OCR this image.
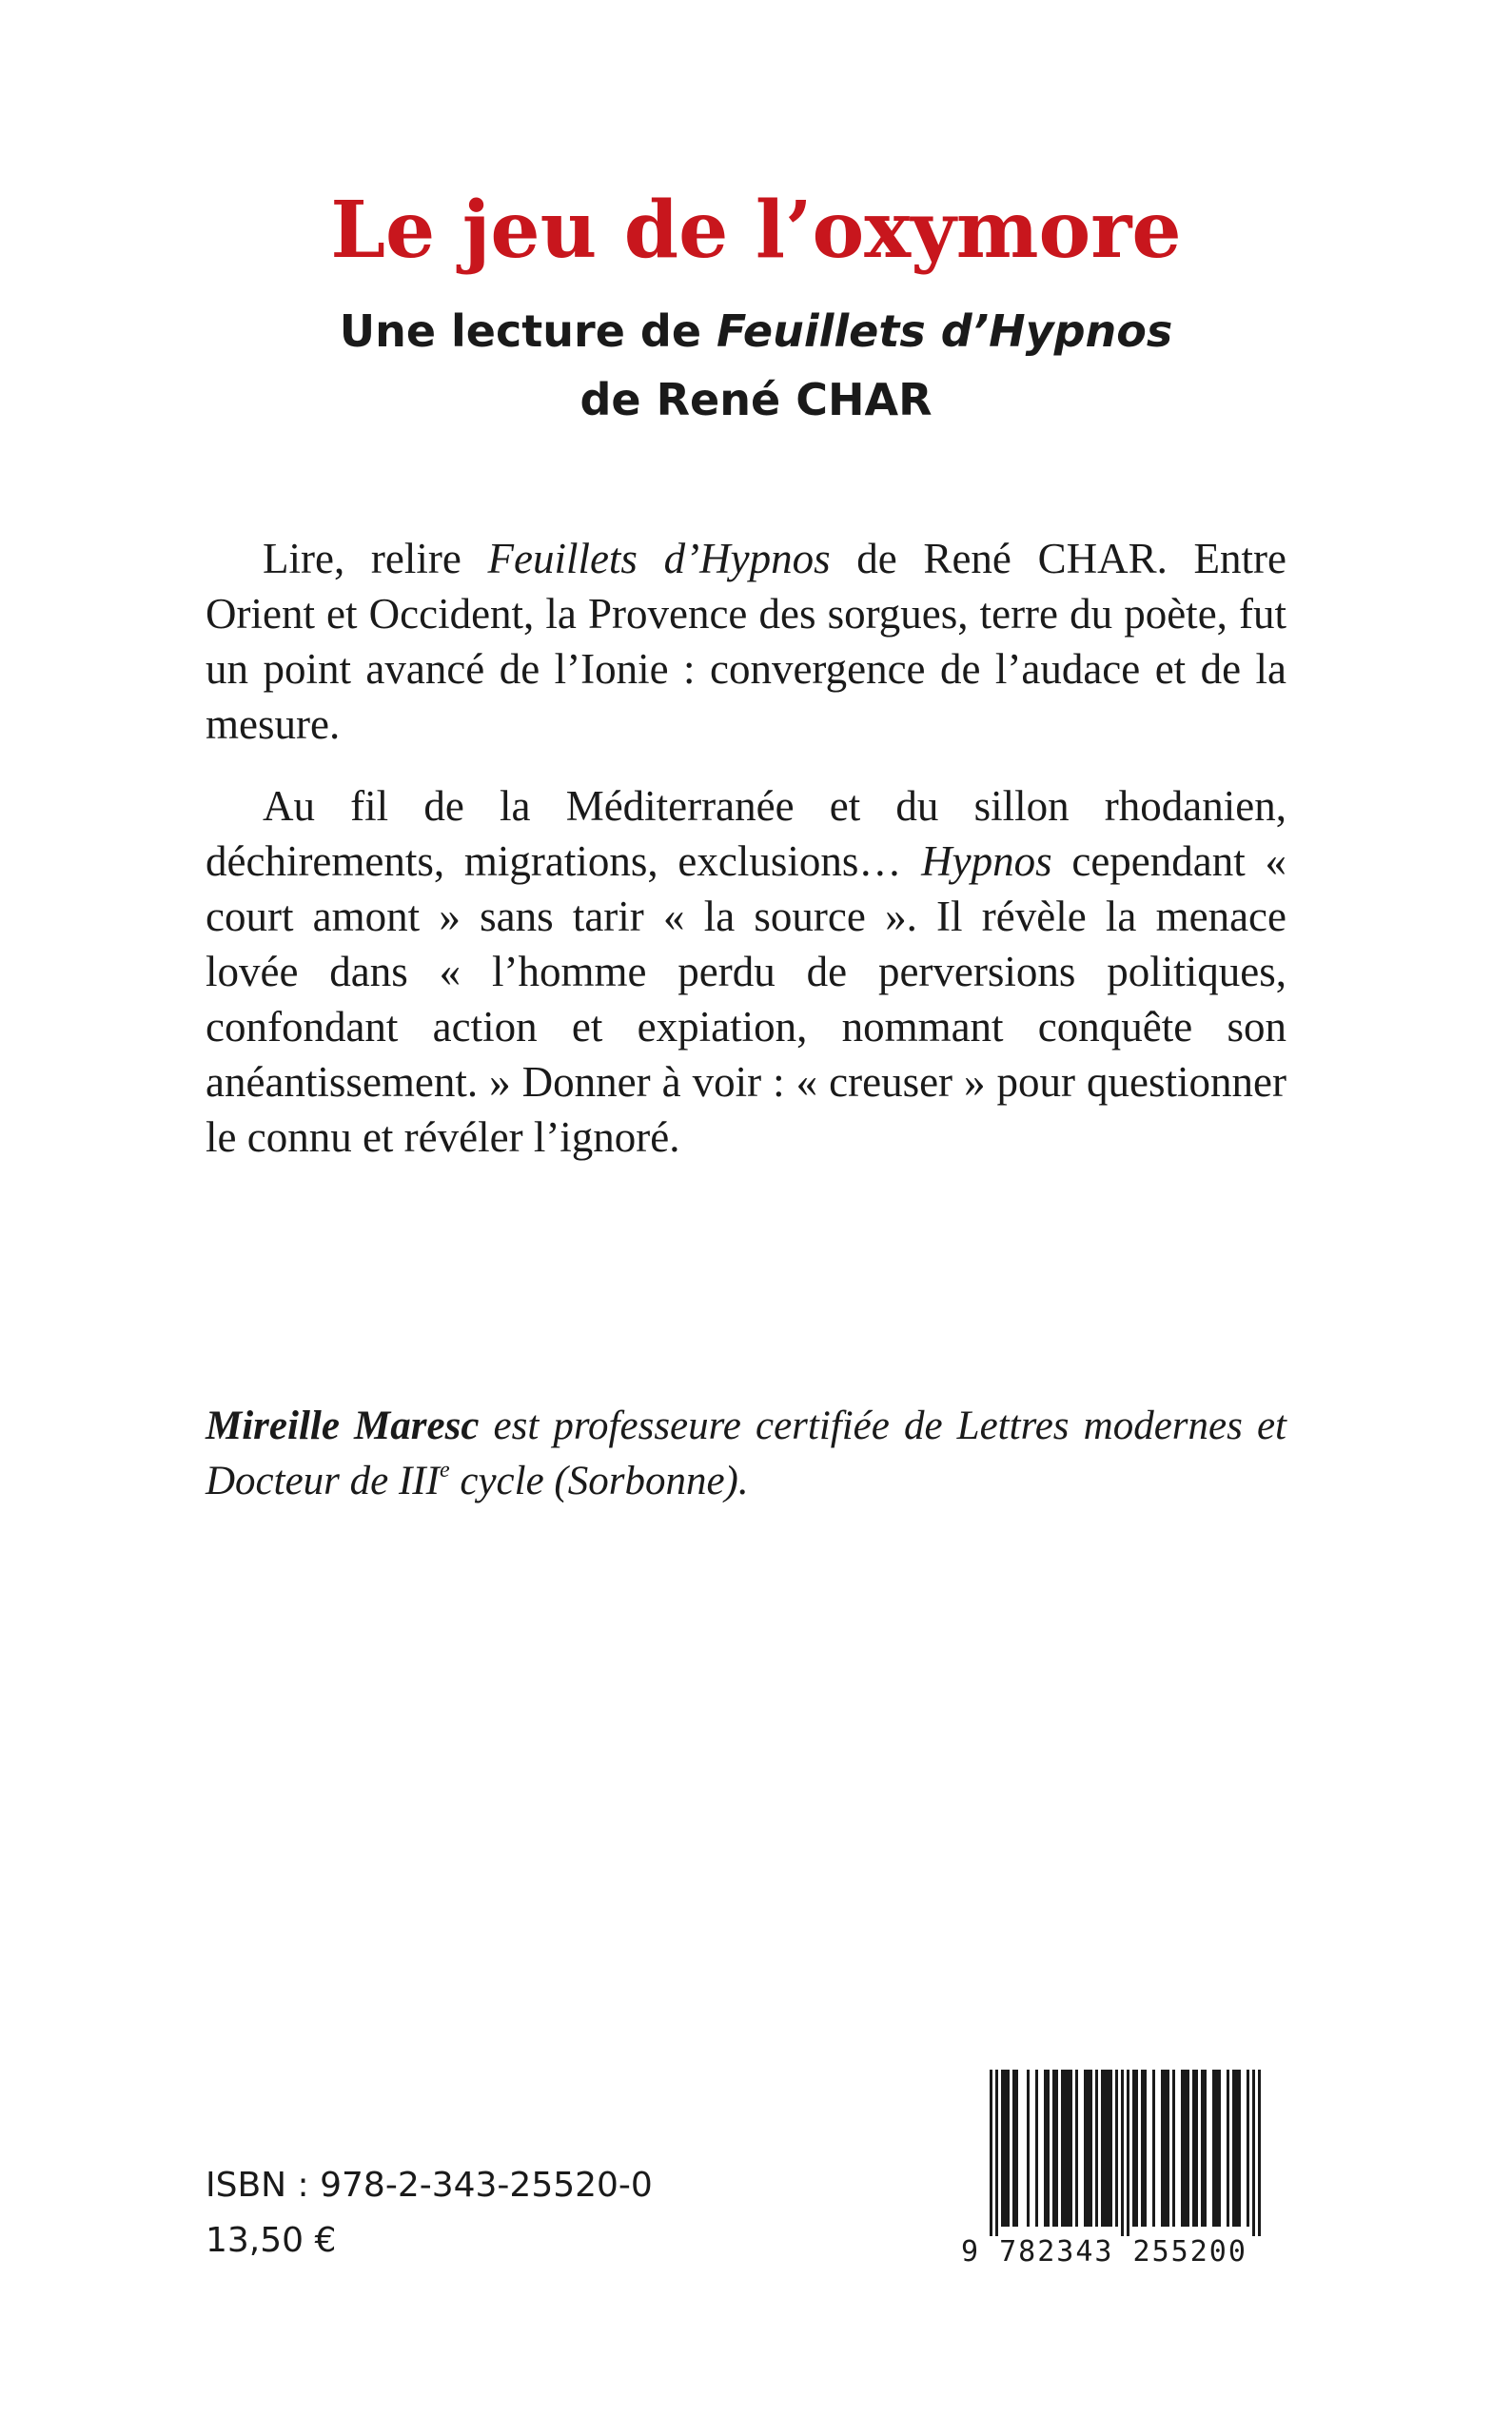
Le jeu de l’oxymore
Une lecture de Feuillets d’Hypnos
de René CHAR

Lire, relire Feuillets d’Hypnos de René CHAR. Entre Orient et Occident, la Provence des sorgues, terre du poète, fut un point avancé de l’Ionie : convergence de l’audace et de la mesure.

Au fil de la Méditerranée et du sillon rhodanien, déchirements, migrations, exclusions… Hypnos cependant « court amont » sans tarir « la source ». Il révèle la menace lovée dans « l’homme perdu de perversions politiques, confondant action et expiation, nommant conquête son anéantissement. » Donner à voir : « creuser » pour questionner le connu et révéler l’ignoré.

Mireille Maresc est professeure certifiée de Lettres modernes et Docteur de IIIe cycle (Sorbonne).

ISBN : 978-2-343-25520-0
13,50 €	9 782343 255200
